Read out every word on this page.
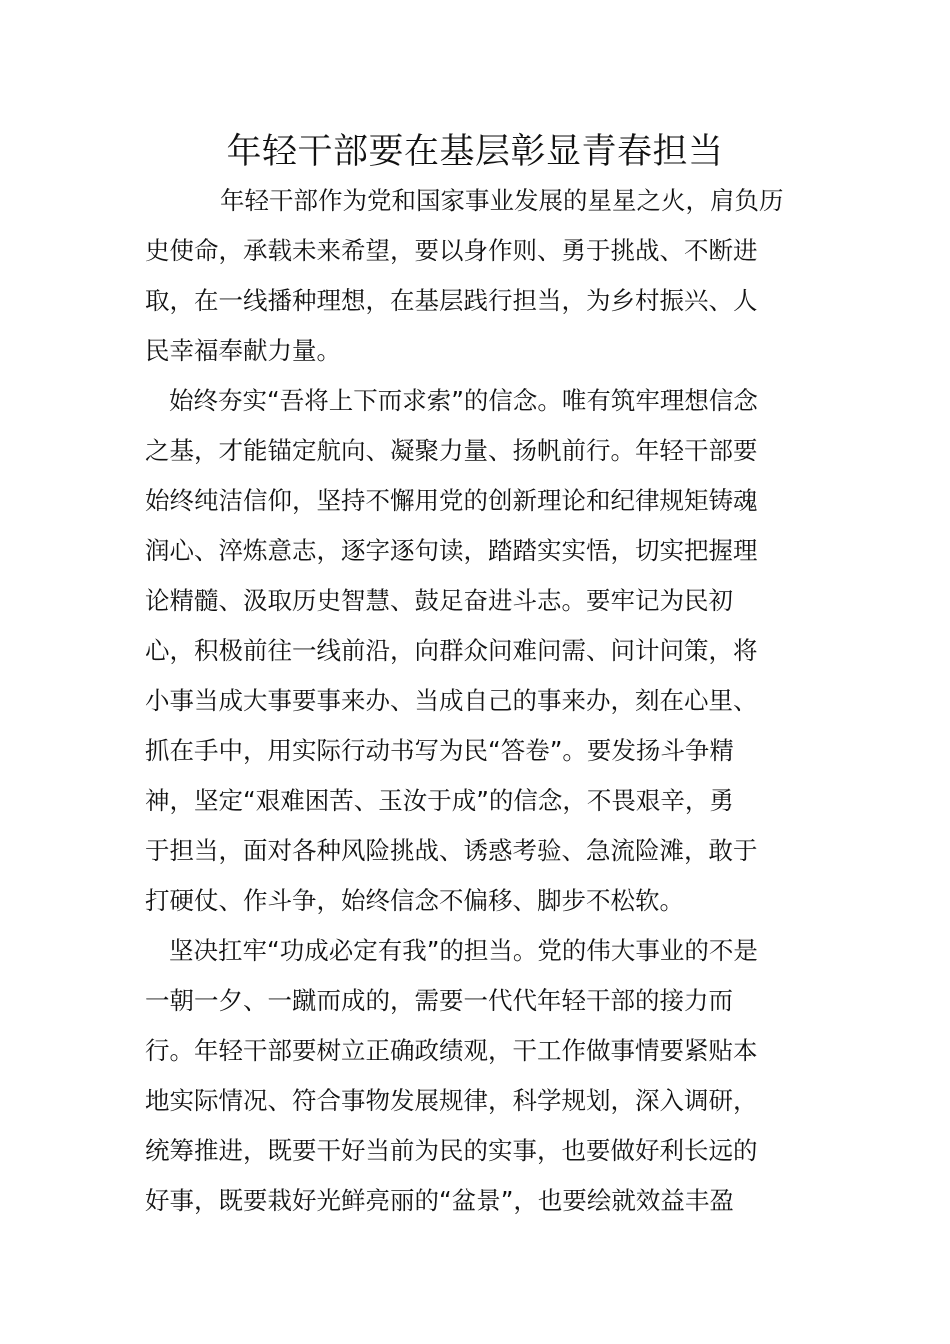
年轻干部要在基层彰显青春担当
年轻干部作为党和国家事业发展的星星之火，肩负历
史使命，承载未来希望，要以身作则、勇于挑战、不断进
取，在一线播种理想，在基层践行担当，为乡村振兴、人
民幸福奉献力量。
始终夯实“吾将上下而求索”的信念。唯有筑牢理想信念
之基，才能锚定航向、凝聚力量、扬帆前行。年轻干部要
始终纯洁信仰，坚持不懈用党的创新理论和纪律规矩铸魂
润心、淬炼意志，逐字逐句读，踏踏实实悟，切实把握理
论精髓、汲取历史智慧、鼓足奋进斗志。要牢记为民初
心，积极前往一线前沿，向群众问难问需、问计问策，将
小事当成大事要事来办、当成自己的事来办，刻在心里、
抓在手中，用实际行动书写为民“答卷”。要发扬斗争精
神，坚定“艰难困苦、玉汝于成”的信念，不畏艰辛，勇
于担当，面对各种风险挑战、诱惑考验、急流险滩，敢于
打硬仗、作斗争，始终信念不偏移、脚步不松软。
坚决扛牢“功成必定有我”的担当。党的伟大事业的不是
一朝一夕、一蹴而成的，需要一代代年轻干部的接力而
行。年轻干部要树立正确政绩观，干工作做事情要紧贴本
地实际情况、符合事物发展规律，科学规划，深入调研，
统筹推进，既要干好当前为民的实事，也要做好利长远的
好事，既要栽好光鲜亮丽的“盆景”，也要绘就效益丰盈
